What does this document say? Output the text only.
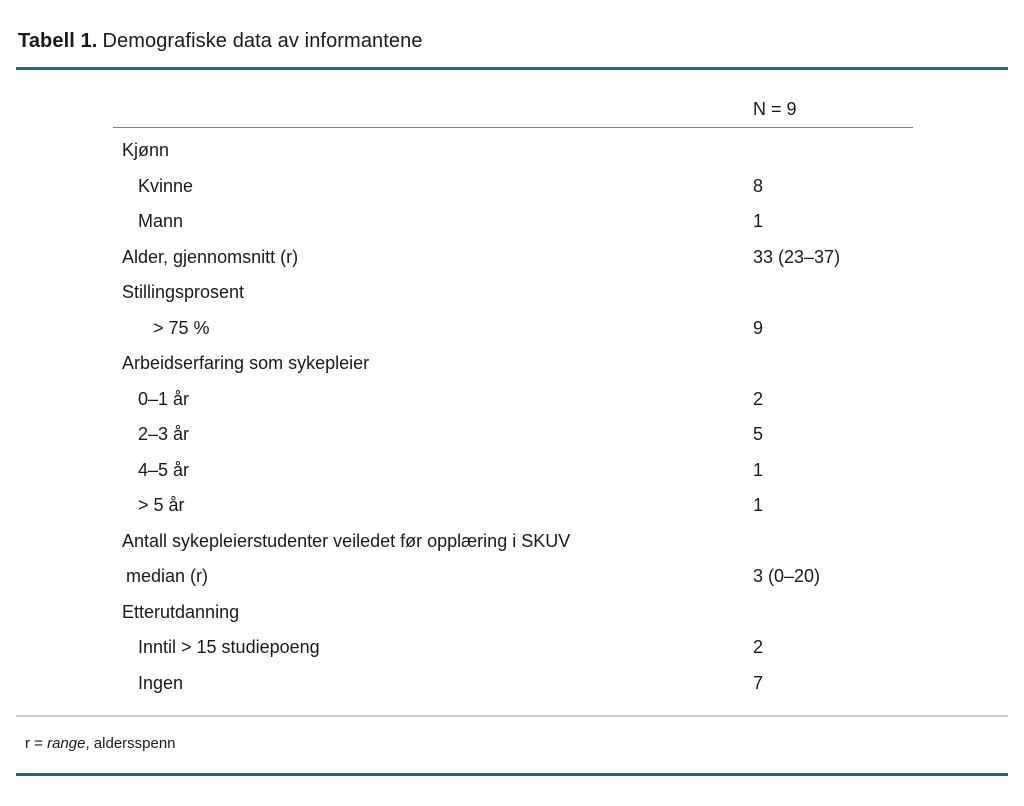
Tabell 1. Demografiske data av informantene
N = 9
Kjønn
Kvinne	8
Mann	1
Alder, gjennomsnitt (r)	33 (23–37)
Stillingsprosent
> 75 %	9
Arbeidserfaring som sykepleier
0–1 år	2
2–3 år	5
4–5 år	1
> 5 år	1
Antall sykepleierstudenter veiledet før opplæring i SKUV
median (r)	3 (0–20)
Etterutdanning
Inntil > 15 studiepoeng	2
Ingen	7
r = range, aldersspenn
